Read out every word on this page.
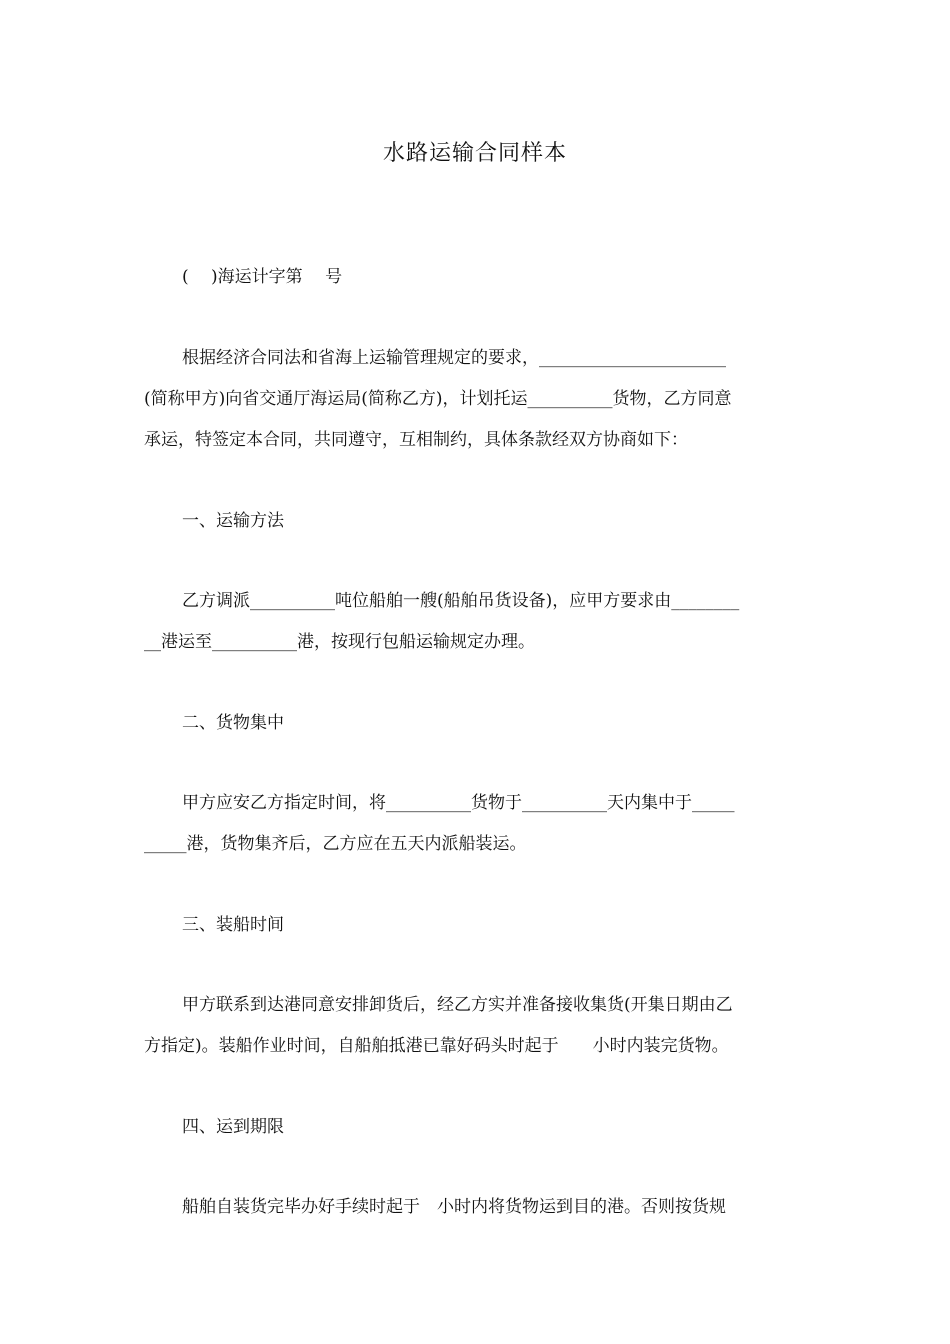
水路运输合同样本
(　 )海运计字第　 号
根据经济合同法和省海上运输管理规定的要求，______________________
(简称甲方)向省交通厅海运局(简称乙方)，计划托运__________货物，乙方同意
承运，特签定本合同，共同遵守，互相制约，具体条款经双方协商如下：
一、运输方法
乙方调派__________吨位船舶一艘(船舶吊货设备)，应甲方要求由________
__港运至__________港，按现行包船运输规定办理。
二、货物集中
甲方应安乙方指定时间，将__________货物于__________天内集中于_____
_____港，货物集齐后，乙方应在五天内派船装运。
三、装船时间
甲方联系到达港同意安排卸货后，经乙方实并准备接收集货(开集日期由乙
方指定)。装船作业时间，自船舶抵港已靠好码头时起于　　小时内装完货物。
四、运到期限
船舶自装货完毕办好手续时起于　小时内将货物运到目的港。否则按货规
